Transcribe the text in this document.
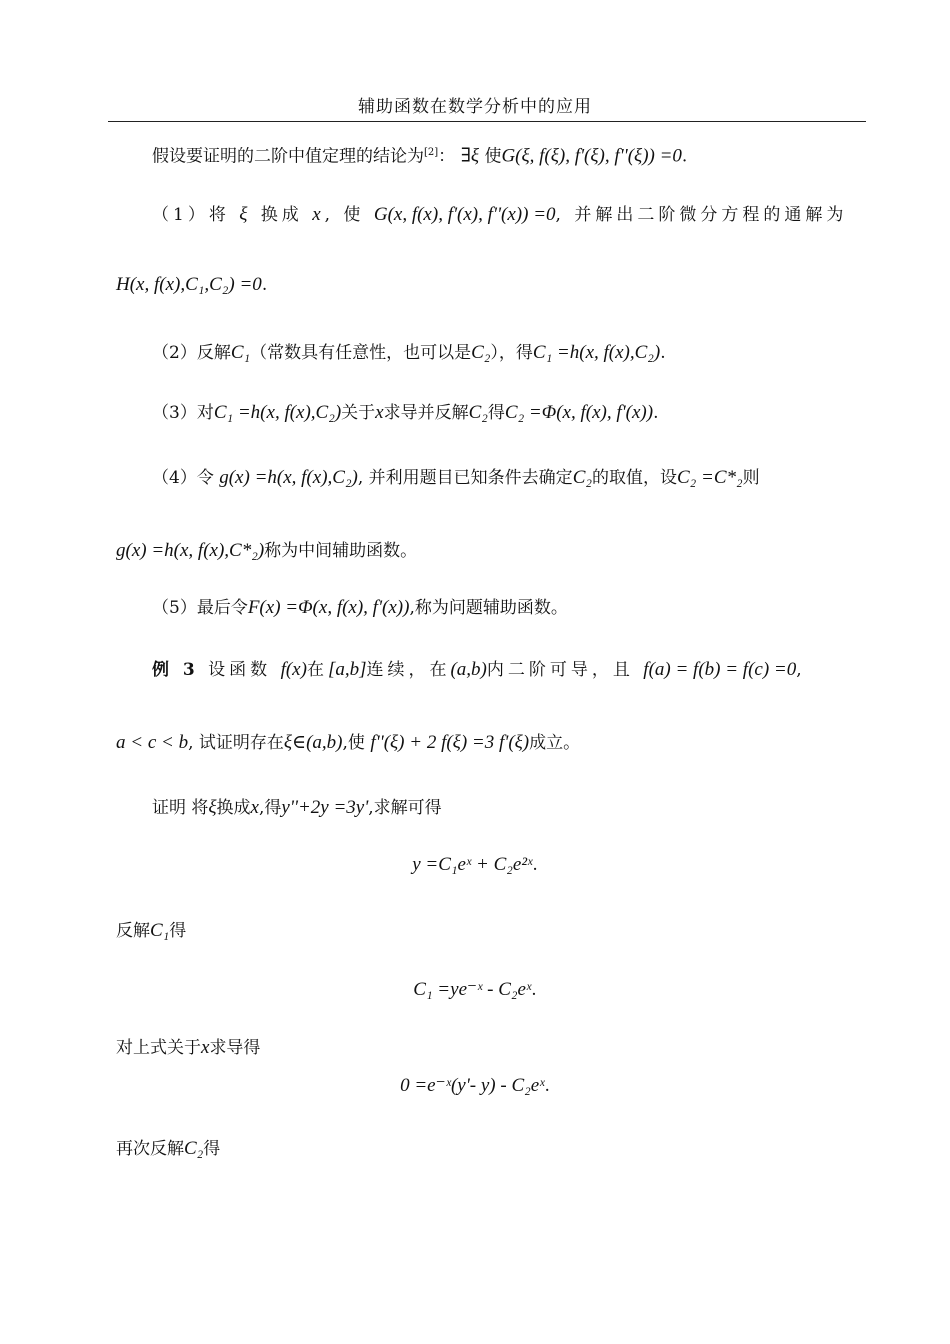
辅助函数在数学分析中的应用
假设要证明的二阶中值定理的结论为[2]： ∃ξ 使G(ξ, f(ξ), f'(ξ), f''(ξ)) =0.
（1）将 ξ 换成 x, 使 G(x, f(x), f'(x), f''(x)) =0, 并解出二阶微分方程的通解为
H(x, f(x),C₁,C₂) =0.
（2）反解C₁（常数具有任意性，也可以是C₂），得C₁ =h(x, f(x),C₂).
（3）对C₁ =h(x, f(x),C₂)关于x求导并反解C₂得C₂ =Φ(x, f(x), f'(x)).
（4）令 g(x) =h(x, f(x),C₂), 并利用题目已知条件去确定C₂的取值，设C₂ =C*₂则
g(x) =h(x, f(x),C*₂)称为中间辅助函数。
（5）最后令F(x) =Φ(x, f(x), f'(x)),称为问题辅助函数。
例 3 设函数 f(x)在[a,b]连续，在(a,b)内二阶可导，且 f(a) = f(b) = f(c) =0,
a < c < b, 试证明存在ξ∈(a,b),使 f''(ξ) + 2 f(ξ) =3 f'(ξ)成立。
证明 将ξ换成x,得y''+2y =3y',求解可得
y =C₁eˣ + C₂e²ˣ.
反解C₁得
C₁ =ye⁻ˣ - C₂eˣ.
对上式关于x求导得
0 =e⁻ˣ(y'- y) - C₂eˣ.
再次反解C₂得
